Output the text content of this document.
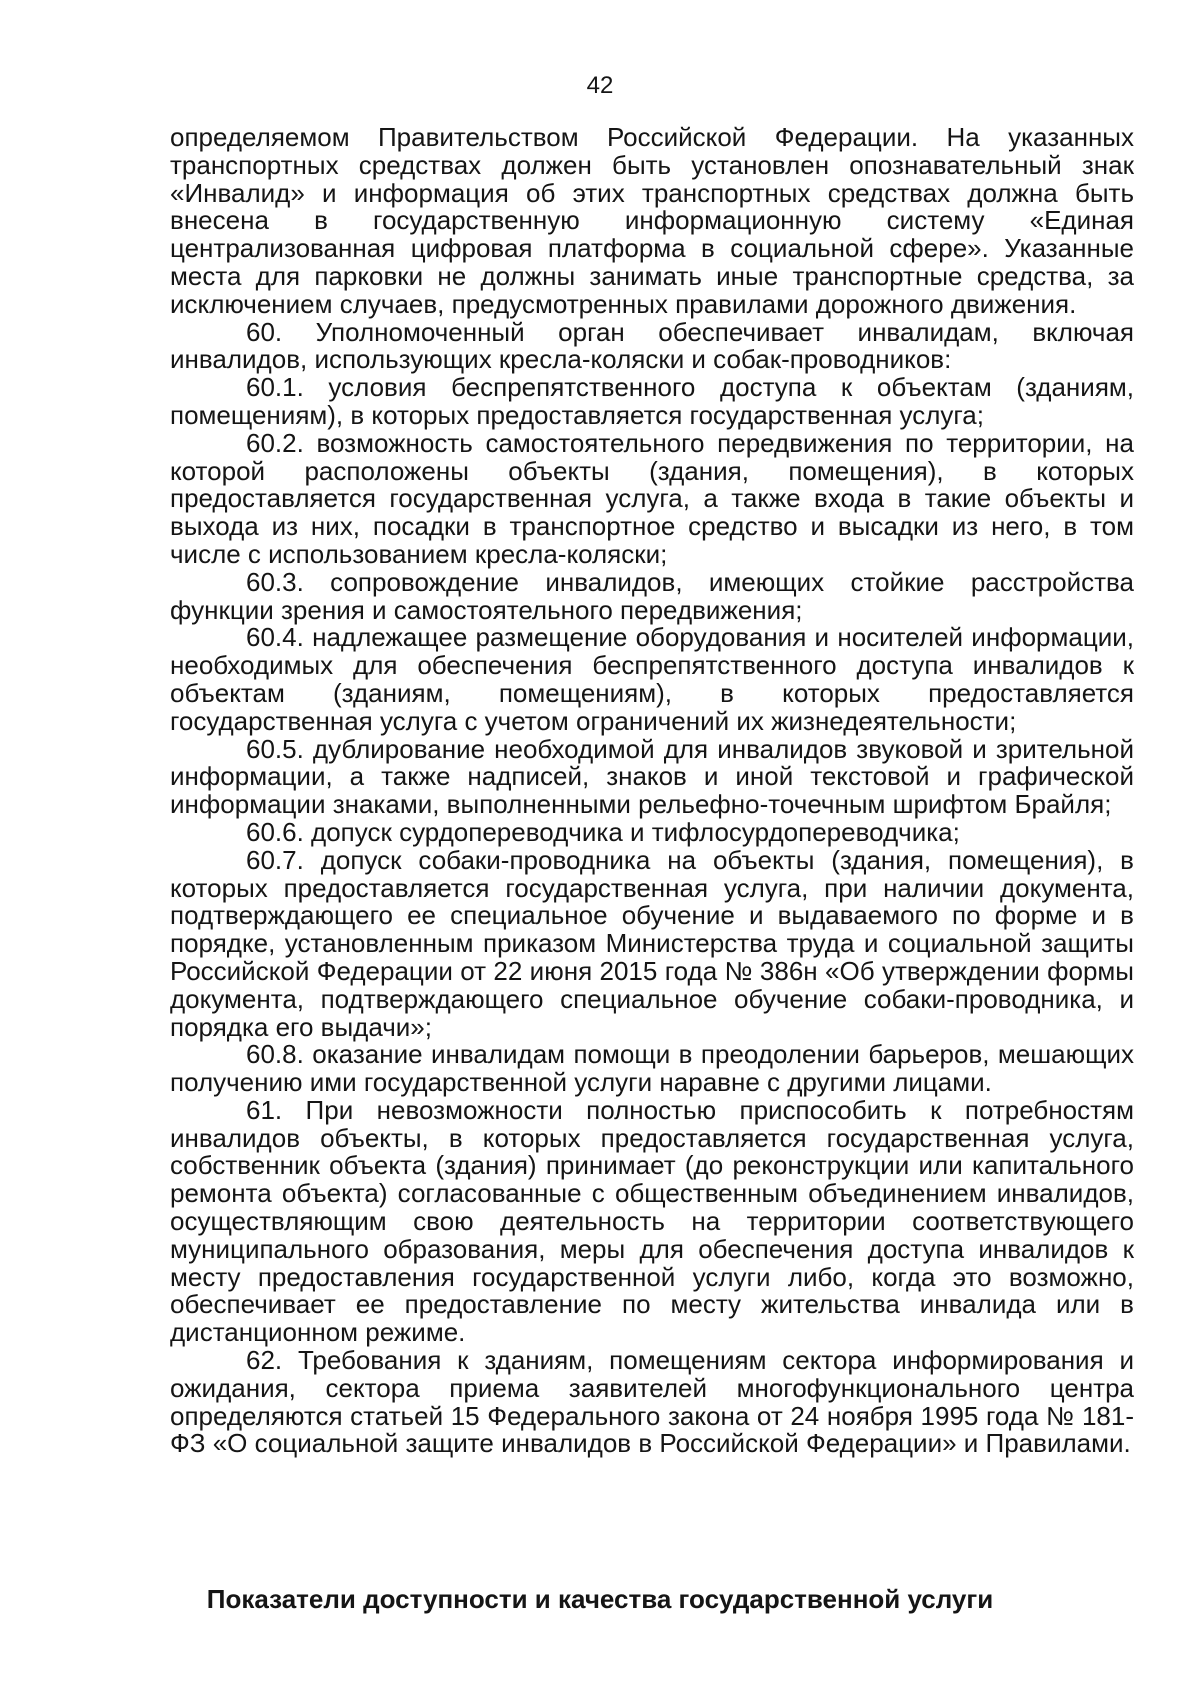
42

определяемом Правительством Российской Федерации. На указанных транспортных средствах должен быть установлен опознавательный знак «Инвалид» и информация об этих транспортных средствах должна быть внесена в государственную информационную систему «Единая централизованная цифровая платформа в социальной сфере». Указанные места для парковки не должны занимать иные транспортные средства, за исключением случаев, предусмотренных правилами дорожного движения.

60. Уполномоченный орган обеспечивает инвалидам, включая инвалидов, использующих кресла-коляски и собак-проводников:

60.1. условия беспрепятственного доступа к объектам (зданиям, помещениям), в которых предоставляется государственная услуга;

60.2. возможность самостоятельного передвижения по территории, на которой расположены объекты (здания, помещения), в которых предоставляется государственная услуга, а также входа в такие объекты и выхода из них, посадки в транспортное средство и высадки из него, в том числе с использованием кресла-коляски;

60.3. сопровождение инвалидов, имеющих стойкие расстройства функции зрения и самостоятельного передвижения;

60.4. надлежащее размещение оборудования и носителей информации, необходимых для обеспечения беспрепятственного доступа инвалидов к объектам (зданиям, помещениям), в которых предоставляется государственная услуга с учетом ограничений их жизнедеятельности;

60.5. дублирование необходимой для инвалидов звуковой и зрительной информации, а также надписей, знаков и иной текстовой и графической информации знаками, выполненными рельефно-точечным шрифтом Брайля;

60.6. допуск сурдопереводчика и тифлосурдопереводчика;

60.7. допуск собаки-проводника на объекты (здания, помещения), в которых предоставляется государственная услуга, при наличии документа, подтверждающего ее специальное обучение и выдаваемого по форме и в порядке, установленным приказом Министерства труда и социальной защиты Российской Федерации от 22 июня 2015 года № 386н «Об утверждении формы документа, подтверждающего специальное обучение собаки-проводника, и порядка его выдачи»;

60.8. оказание инвалидам помощи в преодолении барьеров, мешающих получению ими государственной услуги наравне с другими лицами.

61. При невозможности полностью приспособить к потребностям инвалидов объекты, в которых предоставляется государственная услуга, собственник объекта (здания) принимает (до реконструкции или капитального ремонта объекта) согласованные с общественным объединением инвалидов, осуществляющим свою деятельность на территории соответствующего муниципального образования, меры для обеспечения доступа инвалидов к месту предоставления государственной услуги либо, когда это возможно, обеспечивает ее предоставление по месту жительства инвалида или в дистанционном режиме.

62. Требования к зданиям, помещениям сектора информирования и ожидания, сектора приема заявителей многофункционального центра определяются статьей 15 Федерального закона от 24 ноября 1995 года № 181-ФЗ «О социальной защите инвалидов в Российской Федерации» и Правилами.

Показатели доступности и качества государственной услуги
